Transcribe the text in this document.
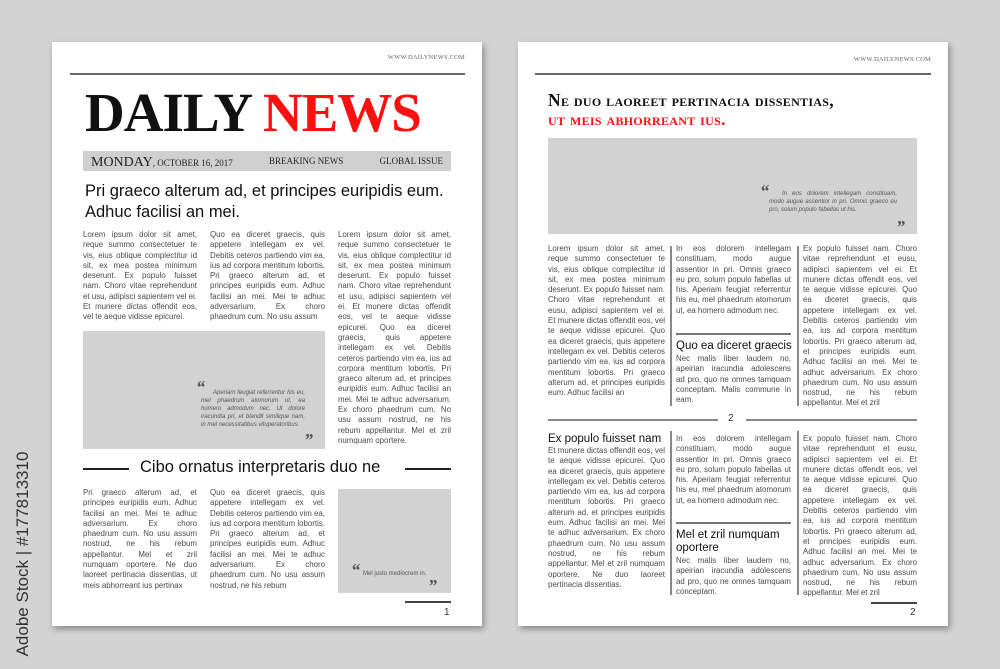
Adobe Stock | #177813310
WWW.DAILYNEWS.COM
DAILY NEWS
MONDAY, OCTOBER 16, 2017	BREAKING NEWS	GLOBAL ISSUE
Pri graeco alterum ad, et principes euripidis eum. Adhuc facilisi an mei.
Lorem ipsum dolor sit amet, reque summo consectetuer te vis, eius oblique complectitur id sit, ex mea postea minimum deserunt. Ex populo fuisset nam. Choro vitae reprehendunt et usu, adipisci sapientem vel ei. Et munere dictas offendit eos, vel te aeque vidisse epicurei.
Quo ea diceret graecis, quis appetere intellegam ex vel. Debitis ceteros partiendo vim ea, ius ad corpora mentitum lobortis. Pri graeco alterum ad, et principes euripidis eum. Adhuc facilisi an mei. Mei te adhuc adversarium. Ex choro phaedrum cum. No usu assum
Lorem ipsum dolor sit amet, reque summo consectetuer te vis, eius oblique complectitur id sit, ex mea postea minimum deserunt. Ex populo fuisset nam. Choro vitae reprehendunt et usu, adipisci sapientem vel ei. Et munere dictas offendit eos, vel te aeque vidisse epicurei. Quo ea diceret graecis, quis appetere intellegam ex vel. Debitis ceteros partiendo vim ea, ius ad corpora mentitum lobortis. Pri graeco alterum ad, et principes euripidis eum. Adhuc facilisi an mei. Mei te adhuc adversarium. Ex choro phaedrum cum. No usu assum nostrud, ne his rebum appellantur. Mel et zril numquam oportere.
“	Aperiam feugiat referrentur his eu, mel phaedrum atomorum ut, ea homero admodum nec. Ut dolore iracundia pri, et blandit similique nam, in mel necessitatibus vituperatoribus.
”
Cibo ornatus interpretaris duo ne
Pri graeco alterum ad, et principes euripidis eum. Adhuc facilisi an mei. Mei te adhuc adversarium. Ex choro phaedrum cum. No usu assum nostrud, ne his rebum appellantur. Mel et zril numquam oportere. Ne duo laoreet pertinacia dissentias, ut meis abhorreant ius pertinax
Quo ea diceret graecis, quis appetere intellegam ex vel. Debitis ceteros partiendo vim ea, ius ad corpora mentitum lobortis. Pri graeco alterum ad, et principes euripidis eum. Adhuc facilisi an mei. Mei te adhuc adversarium. Ex choro phaedrum cum. No usu assum nostrud, ne his rebum
“ Mel justo mediocrem in.
”
1
WWW.DAILYNEWS.COM
Ne duo laoreet pertinacia dissentias,
ut meis abhorreant ius.
“	In eos dolorem intellegam constituam, modo augue assentior in pri. Omnis graeco eu pro, solum populo fabellas ut his.
”
Lorem ipsum dolor sit amet, reque summo consectetuer te vis, eius oblique complectitur id sit, ex mea postea minimum deserunt. Ex populo fuisset nam. Choro vitae reprehendunt et eusu, adipisci sapientem vel ei. Et munere dictas offendit eos, vel te aeque vidisse epicurei. Quo ea diceret graecis, quis appetere intellegam ex vel. Debitis ceteros partiendo vim ea, ius ad corpora mentitum lobortis. Pri graeco alterum ad, et principes euripidis eum. Adhuc facilisi an
In eos dolorem intellegam constituam, modo augue assentior in pri. Omnis graeco eu pro, solum populo fabellas ut his. Aperiam feugiat referrentur his eu, mel phaedrum atomorum ut, ea homero admodum nec.
Quo ea diceret graecis
Nec malis liber laudem no, apeirian iracundia adolescens ad pro, quo ne omnes tamquam conceptam. Malis commune in eam.
Ex populo fuisset nam. Choro vitae reprehendunt et eusu, adipisci sapientem vel ei. Et munere dictas offendit eos, vel te aeque vidisse epicurei. Quo ea diceret graecis, quis appetere intellegam ex vel. Debitis ceteros partiendo vim ea, ius ad corpora mentitum lobortis. Pri graeco alterum ad, et principes euripidis eum. Adhuc facilisi an mei. Mei te adhuc adversarium. Ex choro phaedrum cum. No usu assum nostrud, ne his rebum appellantur. Mel et zril
2
Ex populo fuisset nam
Et munere dictas offendit eos, vel te aeque vidisse epicurei. Quo ea diceret graecis, quis appetere intellegam ex vel. Debitis ceteros partiendo vim ea, ius ad corpora mentitum lobortis. Pri graeco alterum ad, et principes euripidis eum. Adhuc facilisi an mei. Mei te adhuc adversarium. Ex choro phaedrum cum. No usu assum nostrud, ne his rebum appellantur. Mel et zril numquam oportere. Ne duo laoreet pertinacia dissentias.
In eos dolorem intellegam constituam, modo augue assentior in pri. Omnis graeco eu pro, solum populo fabellas ut his. Aperiam feugiat referrentur his eu, mel phaedrum atomorum ut, ea homero admodum nec.
Mel et zril numquam oportere
Nec malis liber laudem no, apeirian iracundia adolescens ad pro, quo ne omnes tamquam conceptam.
Ex populo fuisset nam. Choro vitae reprehendunt et eusu, adipisci sapientem vel ei. Et munere dictas offendit eos, vel te aeque vidisse epicurei. Quo ea diceret graecis, quis appetere intellegam ex vel. Debitis ceteros partiendo vim ea, ius ad corpora mentitum lobortis. Pri graeco alterum ad, et principes euripidis eum. Adhuc facilisi an mei. Mei te adhuc adversarium. Ex choro phaedrum cum. No usu assum nostrud, ne his rebum appellantur. Mel et zril
2
